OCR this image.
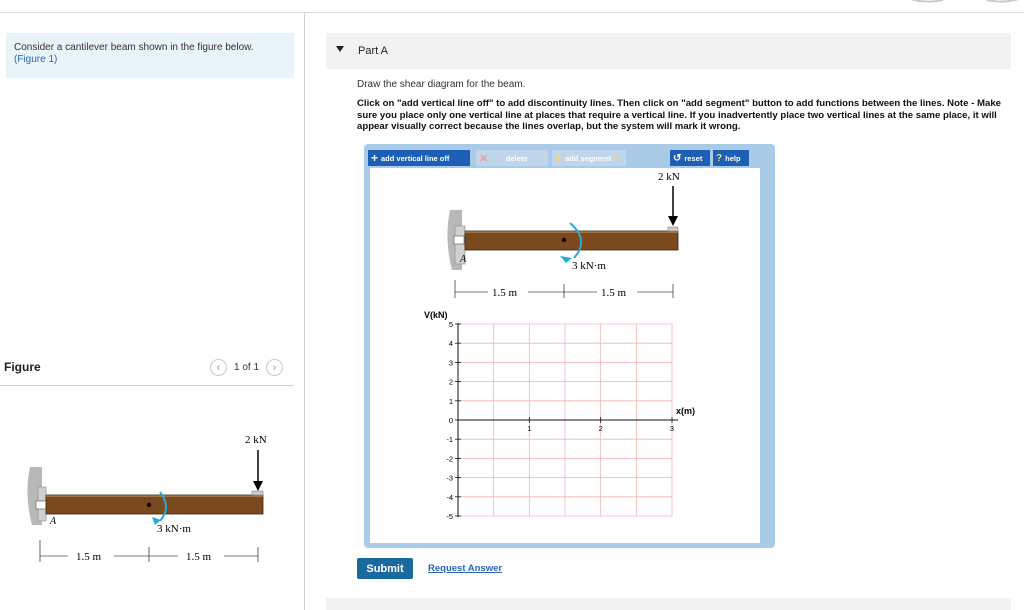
Consider a cantilever beam shown in the figure below.
(Figure 1)
Figure	‹ 1 of 1 ›
2 kN
3 kN·m
A
1.5 m	1.5 m
Part A
Draw the shear diagram for the beam.
Click on "add vertical line off" to add discontinuity lines. Then click on "add segment" button to add functions between the lines. Note - Make sure you place only one vertical line at places that require a vertical line. If you inadvertently place two vertical lines at the same place, it will appear visually correct because the lines overlap, but the system will mark it wrong.
+ add vertical line off	✕ delete + add segment ▾	↺ reset ? help
2 kN
3 kN·m
A
1.5 m	1.5 m
5
4
3
2
1
0
-1
-2
-3
-4
-5
1	2	3
V(kN)
x(m)
Submit	Request Answer
